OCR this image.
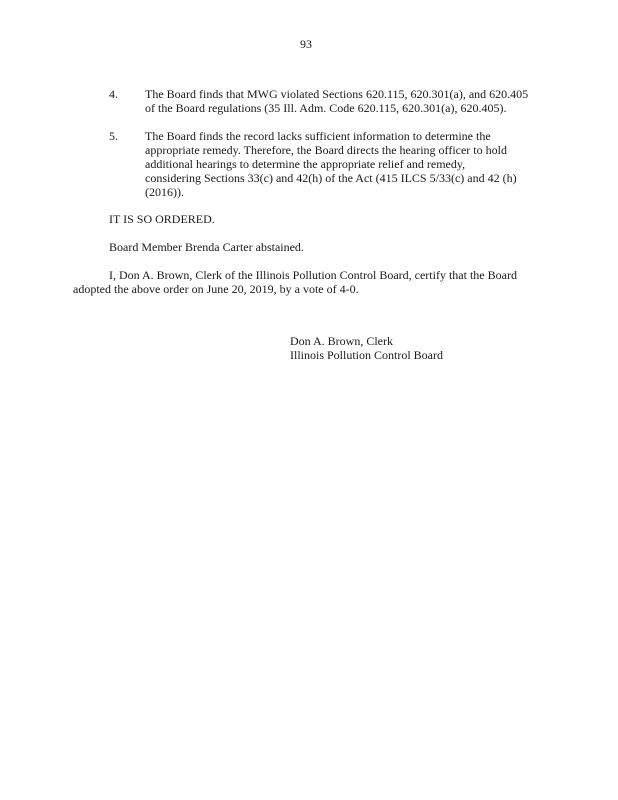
93
4. The Board finds that MWG violated Sections 620.115, 620.301(a), and 620.405
of the Board regulations (35 Ill. Adm. Code 620.115, 620.301(a), 620.405).
5. The Board finds the record lacks sufficient information to determine the
appropriate remedy. Therefore, the Board directs the hearing officer to hold
additional hearings to determine the appropriate relief and remedy,
considering Sections 33(c) and 42(h) of the Act (415 ILCS 5/33(c) and 42 (h)
(2016)).
IT IS SO ORDERED.
Board Member Brenda Carter abstained.
I, Don A. Brown, Clerk of the Illinois Pollution Control Board, certify that the Board
adopted the above order on June 20, 2019, by a vote of 4-0.
Don A. Brown, Clerk
Illinois Pollution Control Board
